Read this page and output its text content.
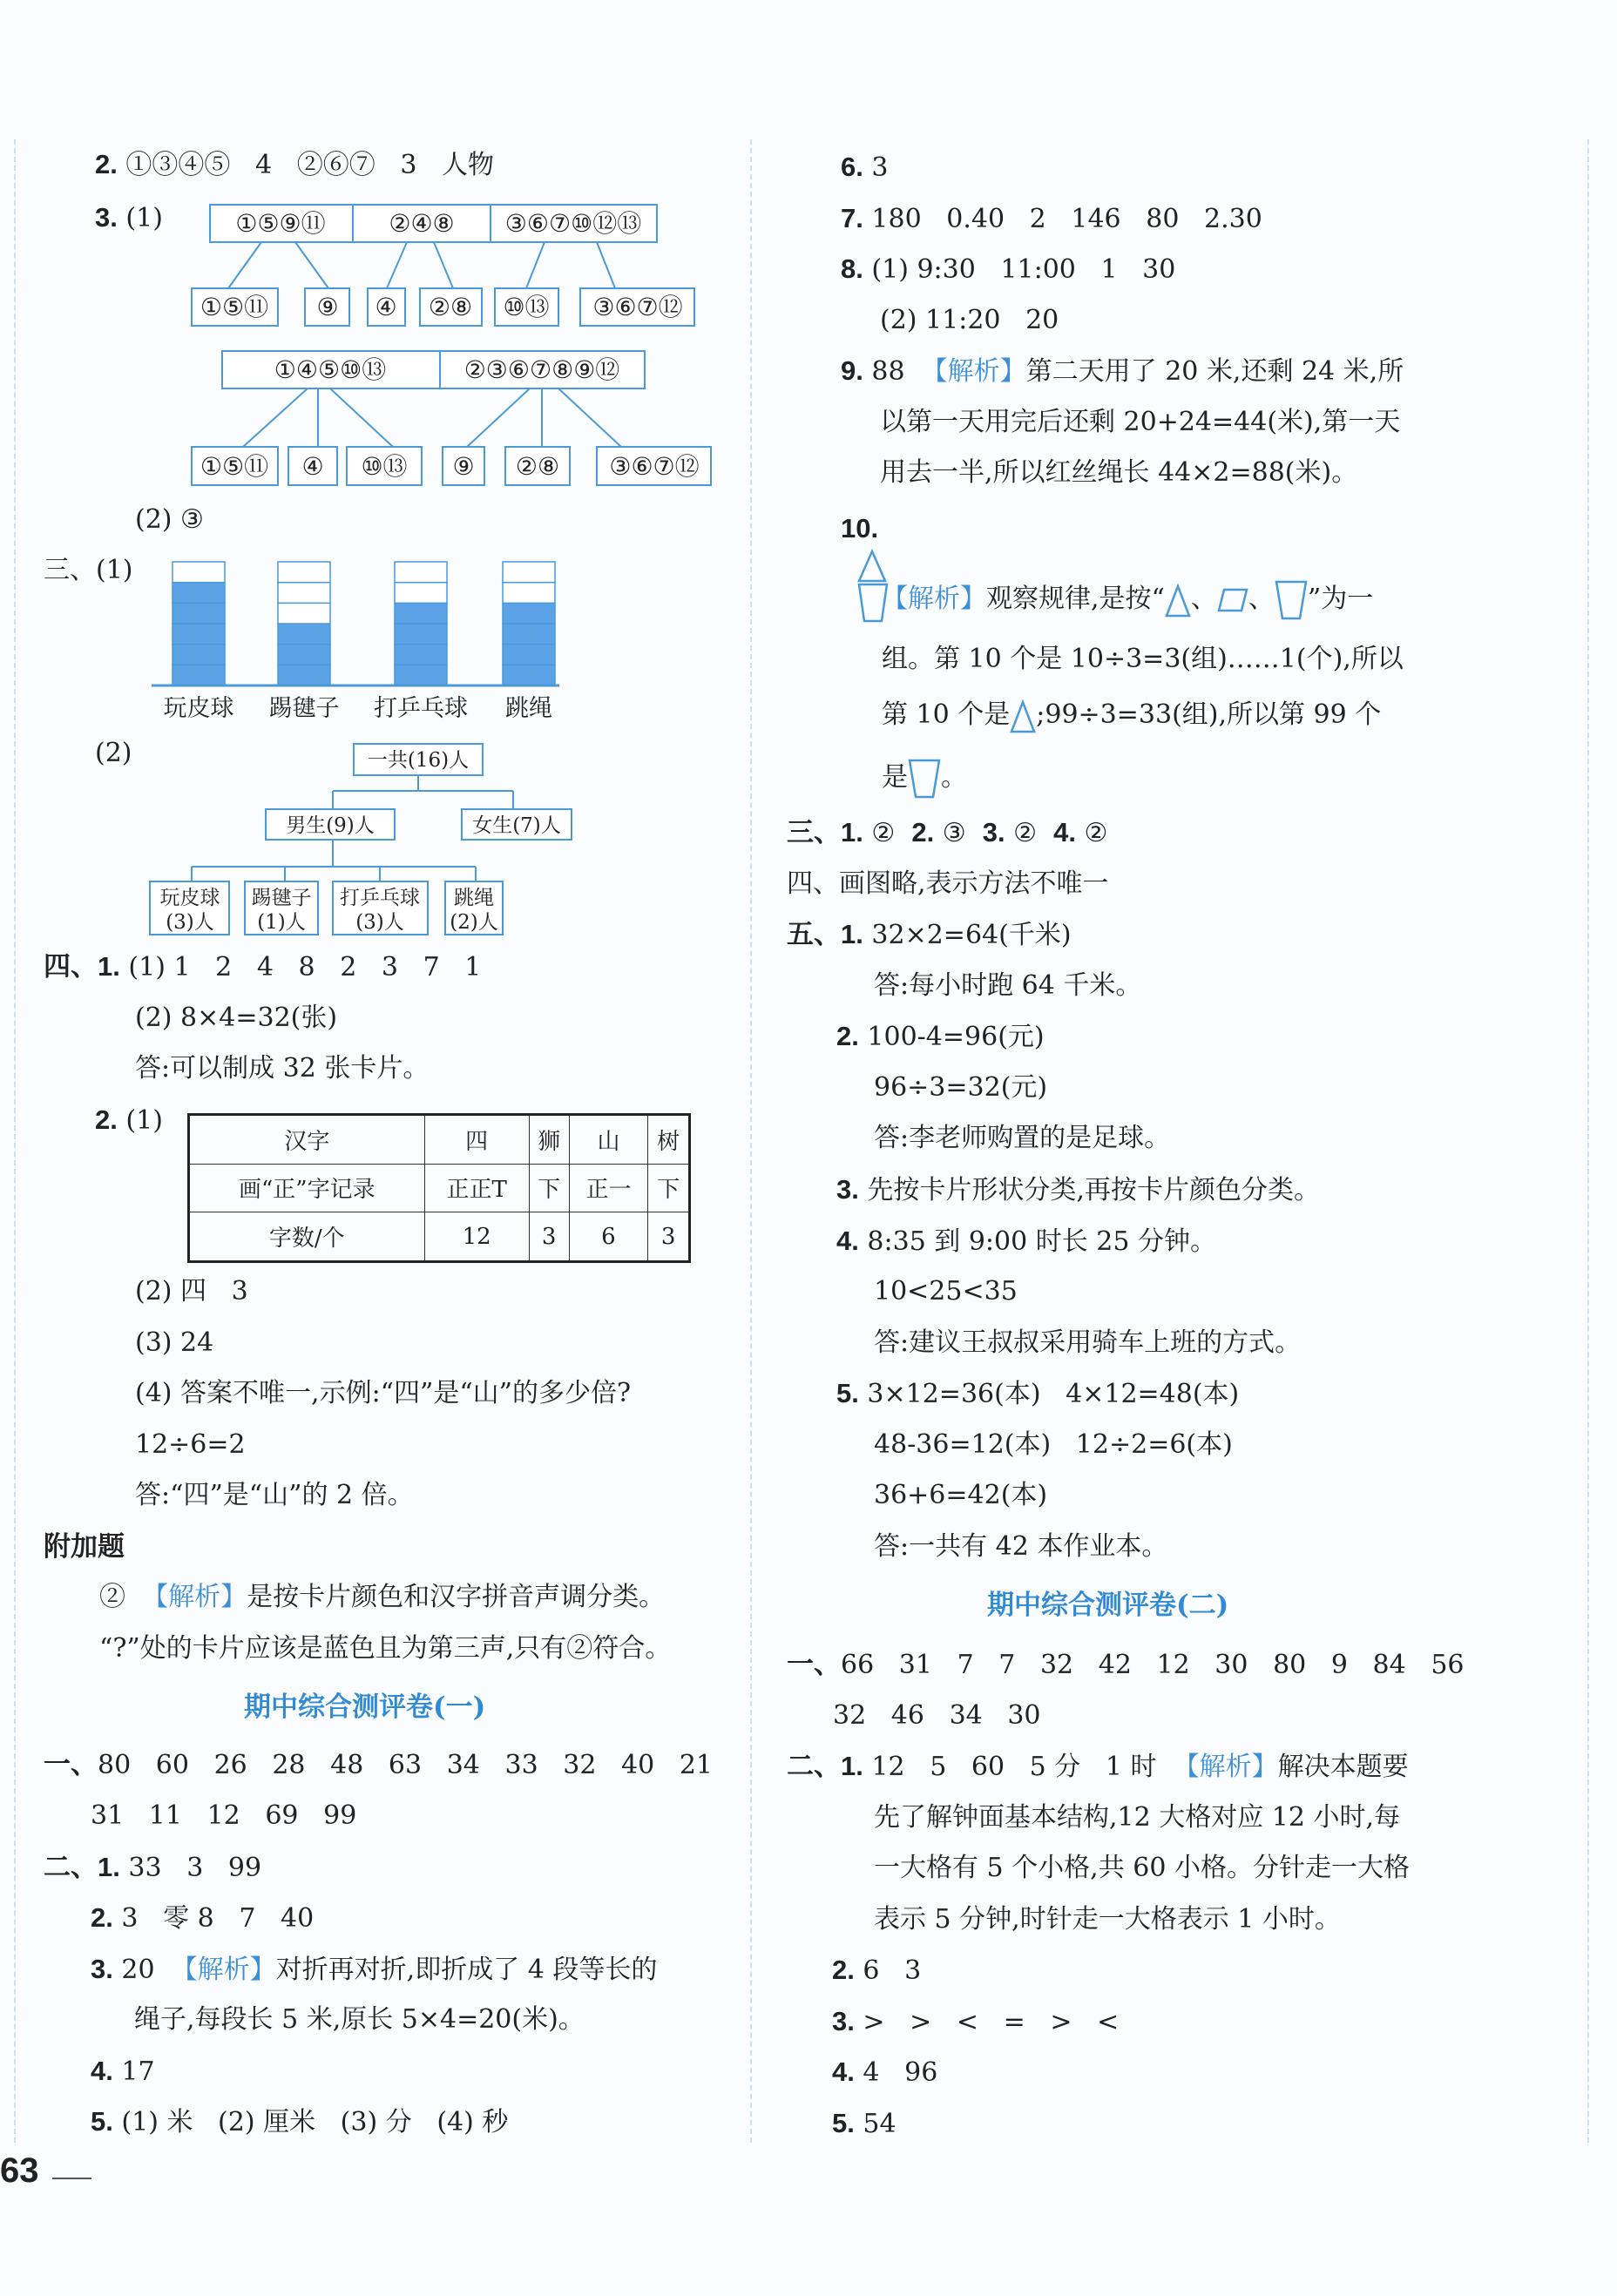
2. ①③④⑤   4   ②⑥⑦   3   人物
3. (1)	①⑤⑨⑪	②④⑧ ③⑥⑦⑩⑫⑬
①⑤⑪ ⑨ ④ ②⑧ ⑩⑬ ③⑥⑦⑫
①④⑤⑩⑬	②③⑥⑦⑧⑨⑫
①⑤⑪ ④ ⑩⑬ ⑨ ②⑧ ③⑥⑦⑫
玩皮球 踢毽子 打乒乓球 跳绳
一共(16)人
男生(9)人	女生(7)人
玩皮球
(3)人
踢毽子
(1)人
打乒乓球
(3)人
跳绳
(2)人
(2) ③
三、(1)
(2)
四、1. (1) 1   2   4   8   2   3   7   1
(2) 8×4=32(张)
答:可以制成 32 张卡片。
2. (1)
汉字	四	狮	山	树
画“正”字记录	正正T	下	正一	下
字数/个	12	3	6	3
(2) 四   3
(3) 24
(4) 答案不唯一,示例:“四”是“山”的多少倍?
12÷6=2
答:“四”是“山”的 2 倍。
附加题
②  【解析】是按卡片颜色和汉字拼音声调分类。
“?”处的卡片应该是蓝色且为第三声,只有②符合。
期中综合测评卷(一)
一、80   60   26   28   48   63   34   33   32   40   21
31   11   12   69   99
二、1. 33   3   99
2. 3   零 8   7   40
3. 20  【解析】对折再对折,即折成了 4 段等长的
绳子,每段长 5 米,原长 5×4=20(米)。
4. 17
5. (1) 米   (2) 厘米   (3) 分   (4) 秒
6. 3
7. 180   0.40   2   146   80   2.30
8. (1) 9:30   11:00   1   30
(2) 11:20   20
9. 88  【解析】第二天用了 20 米,还剩 24 米,所
以第一天用完后还剩 20+24=44(米),第一天
用去一半,所以红丝绳长 44×2=88(米)。
10.

【解析】观察规律,是按“ 、 、 ”为一
组。第 10 个是 10÷3=3(组)……1(个),所以
第 10 个是 ;99÷3=33(组),所以第 99 个
是 。
三、1. ②  2. ③  3. ②  4. ②
四、画图略,表示方法不唯一
五、1. 32×2=64(千米)
答:每小时跑 64 千米。
2. 100-4=96(元)
96÷3=32(元)
答:李老师购置的是足球。
3. 先按卡片形状分类,再按卡片颜色分类。
4. 8:35 到 9:00 时长 25 分钟。
10<25<35
答:建议王叔叔采用骑车上班的方式。
5. 3×12=36(本)   4×12=48(本)
48-36=12(本)   12÷2=6(本)
36+6=42(本)
答:一共有 42 本作业本。
期中综合测评卷(二)
一、66   31   7   7   32   42   12   30   80   9   84   56
32   46   34   30
二、1. 12   5   60   5 分   1 时  【解析】解决本题要
先了解钟面基本结构,12 大格对应 12 小时,每
一大格有 5 个小格,共 60 小格。分针走一大格
表示 5 分钟,时针走一大格表示 1 小时。
2. 6   3
3. >   >   <   =   >   <
4. 4   96
5. 54
63
